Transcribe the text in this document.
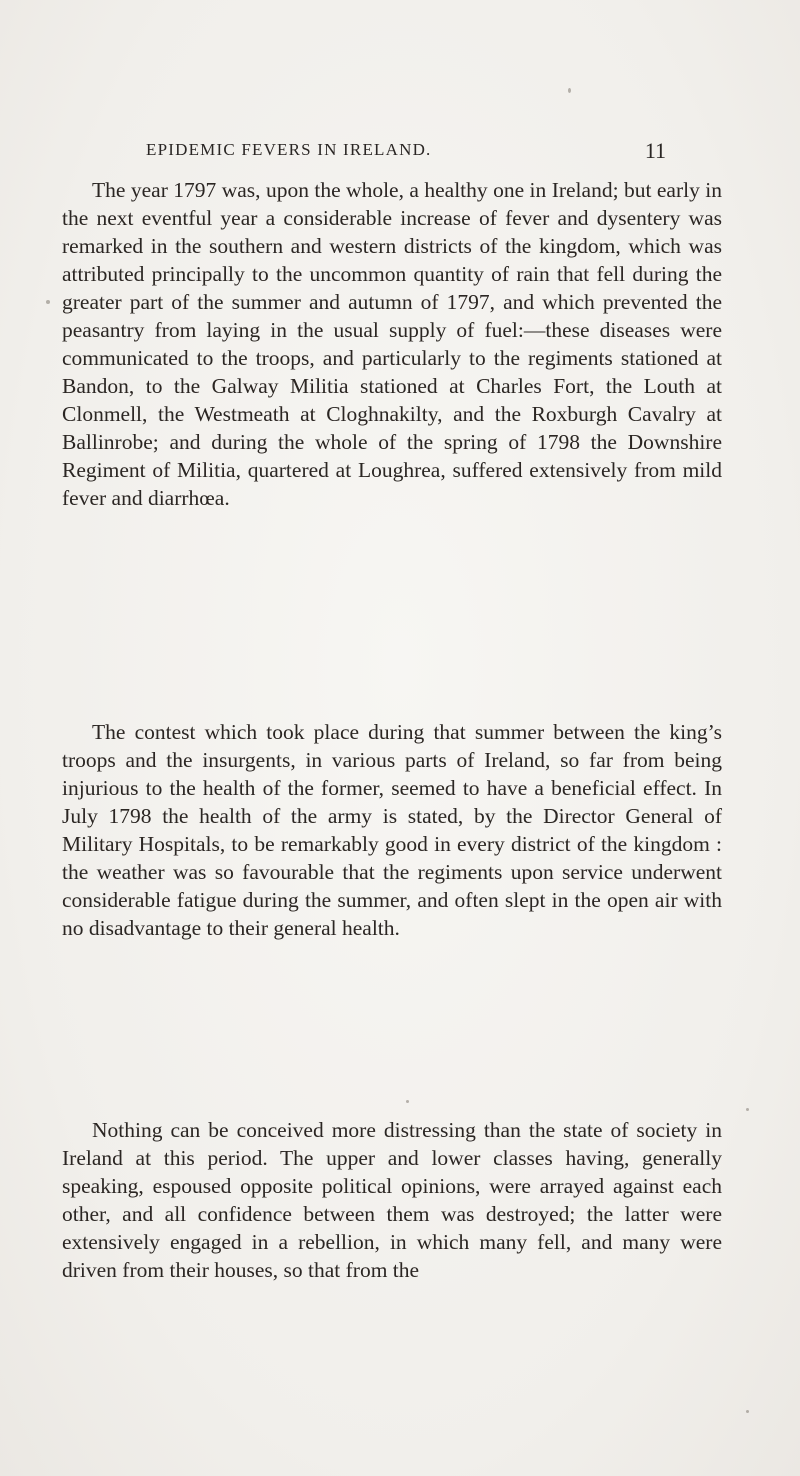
EPIDEMIC FEVERS IN IRELAND.	11

The year 1797 was, upon the whole, a healthy one in Ireland; but early in the next eventful year a considerable increase of fever and dysentery was remarked in the southern and western districts of the kingdom, which was attributed principally to the uncommon quantity of rain that fell during the greater part of the summer and autumn of 1797, and which prevented the peasantry from laying in the usual supply of fuel:—these diseases were communicated to the troops, and particularly to the regiments stationed at Bandon, to the Galway Militia stationed at Charles Fort, the Louth at Clonmell, the Westmeath at Cloghnakilty, and the Roxburgh Cavalry at Ballinrobe; and during the whole of the spring of 1798 the Downshire Regiment of Militia, quartered at Loughrea, suffered extensively from mild fever and diarrhœa.

The contest which took place during that summer between the king’s troops and the insurgents, in various parts of Ireland, so far from being injurious to the health of the former, seemed to have a beneficial effect. In July 1798 the health of the army is stated, by the Director General of Military Hospitals, to be remarkably good in every district of the kingdom : the weather was so favourable that the regiments upon service underwent considerable fatigue during the summer, and often slept in the open air with no disadvantage to their general health.

Nothing can be conceived more distressing than the state of society in Ireland at this period. The upper and lower classes having, generally speaking, espoused opposite political opinions, were arrayed against each other, and all confidence between them was destroyed; the latter were extensively engaged in a rebellion, in which many fell, and many were driven from their houses, so that from the
